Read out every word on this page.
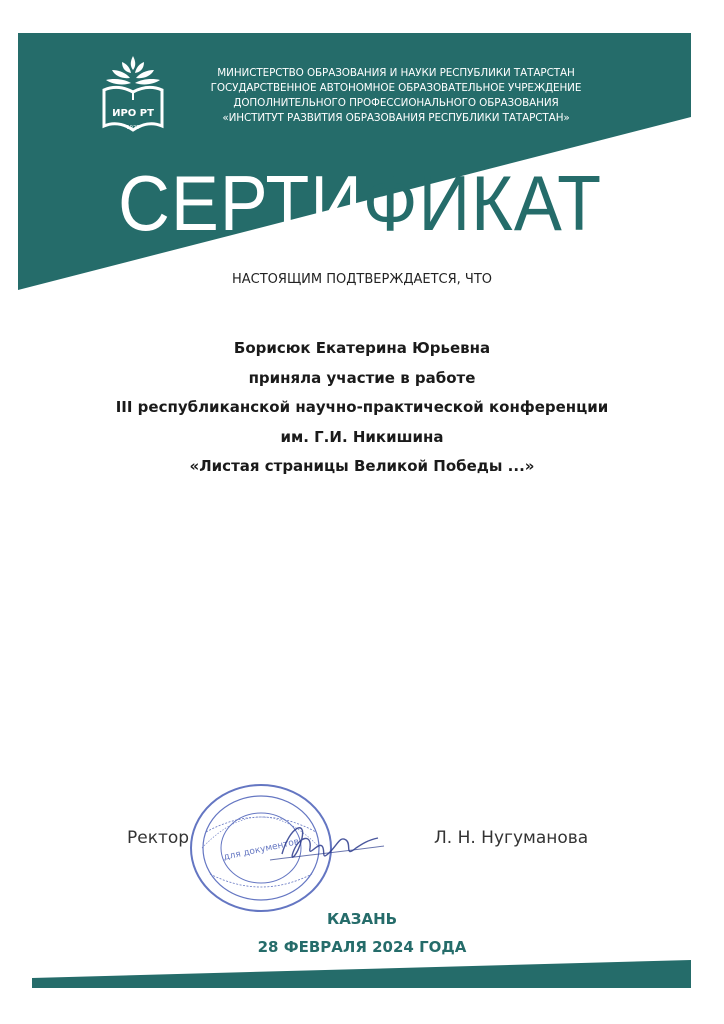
ИРО РТ
1928
МИНИСТЕРСТВО ОБРАЗОВАНИЯ И НАУКИ РЕСПУБЛИКИ ТАТАРСТАН
ГОСУДАРСТВЕННОЕ АВТОНОМНОЕ ОБРАЗОВАТЕЛЬНОЕ УЧРЕЖДЕНИЕ
ДОПОЛНИТЕЛЬНОГО ПРОФЕССИОНАЛЬНОГО ОБРАЗОВАНИЯ
«ИНСТИТУТ РАЗВИТИЯ ОБРАЗОВАНИЯ РЕСПУБЛИКИ ТАТАРСТАН»
СЕРТИФИКАТ
НАСТОЯЩИМ ПОДТВЕРЖДАЕТСЯ, ЧТО
Борисюк Екатерина Юрьевна
приняла участие в работе
III республиканской научно-практической конференции
им. Г.И. Никишина
«Листая страницы Великой Победы ...»
для документов
Ректор	Л. Н. Нугуманова
КАЗАНЬ
28 ФЕВРАЛЯ 2024 ГОДА
